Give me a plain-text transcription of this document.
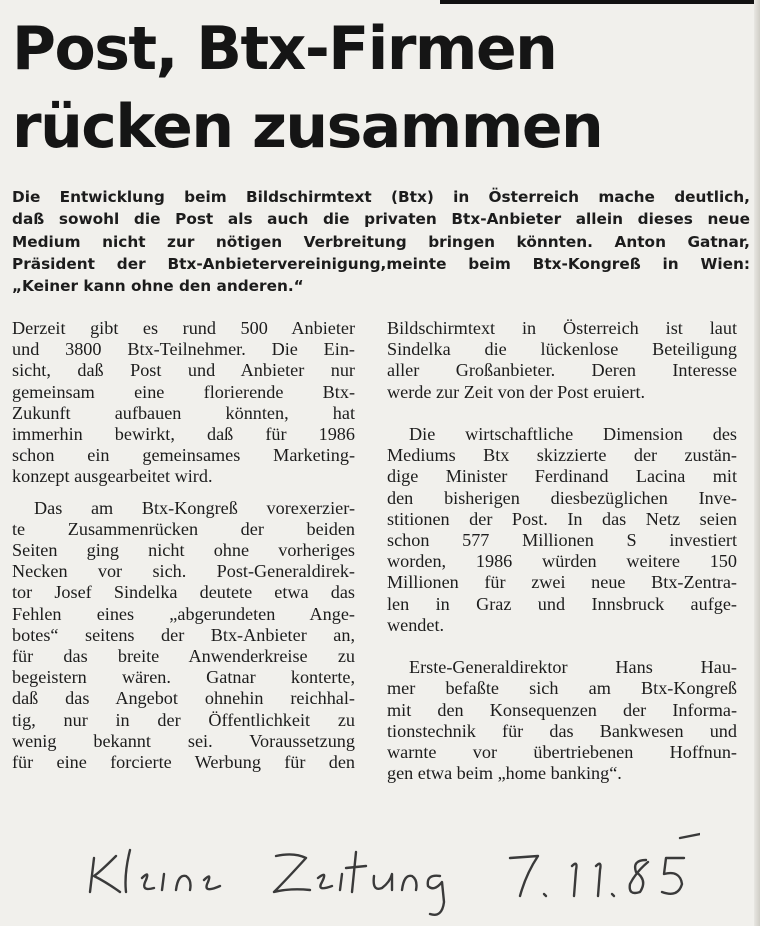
Post, Btx-Firmen
rücken zusammen
Die Entwicklung beim Bildschirmtext (Btx) in Österreich mache deutlich,
daß sowohl die Post als auch die privaten Btx-Anbieter allein dieses neue
Medium nicht zur nötigen Verbreitung bringen könnten. Anton Gatnar,
Präsident der Btx-Anbietervereinigung,meinte beim Btx-Kongreß in Wien:
„Keiner kann ohne den anderen.“

Derzeit gibt es rund 500 Anbieter
und 3800 Btx-Teilnehmer. Die Ein-
sicht, daß Post und Anbieter nur
gemeinsam eine florierende Btx-
Zukunft aufbauen könnten, hat
immerhin bewirkt, daß für 1986
schon ein gemeinsames Marketing-
konzept ausgearbeitet wird.

Das am Btx-Kongreß vorexerzier-
te Zusammenrücken der beiden
Seiten ging nicht ohne vorheriges
Necken vor sich. Post-Generaldirek-
tor Josef Sindelka deutete etwa das
Fehlen eines „abgerundeten Ange-
botes“ seitens der Btx-Anbieter an,
für das breite Anwenderkreise zu
begeistern wären. Gatnar konterte,
daß das Angebot ohnehin reichhal-
tig, nur in der Öffentlichkeit zu
wenig bekannt sei. Voraussetzung
für eine forcierte Werbung für den

Bildschirmtext in Österreich ist laut
Sindelka die lückenlose Beteiligung
aller Großanbieter. Deren Interesse
werde zur Zeit von der Post eruiert.

Die wirtschaftliche Dimension des
Mediums Btx skizzierte der zustän-
dige Minister Ferdinand Lacina mit
den bisherigen diesbezüglichen Inve-
stitionen der Post. In das Netz seien
schon 577 Millionen S investiert
worden, 1986 würden weitere 150
Millionen für zwei neue Btx-Zentra-
len in Graz und Innsbruck aufge-
wendet.

Erste-Generaldirektor Hans Hau-
mer befaßte sich am Btx-Kongreß
mit den Konsequenzen der Informa-
tionstechnik für das Bankwesen und
warnte vor übertriebenen Hoffnun-
gen etwa beim „home banking“.
